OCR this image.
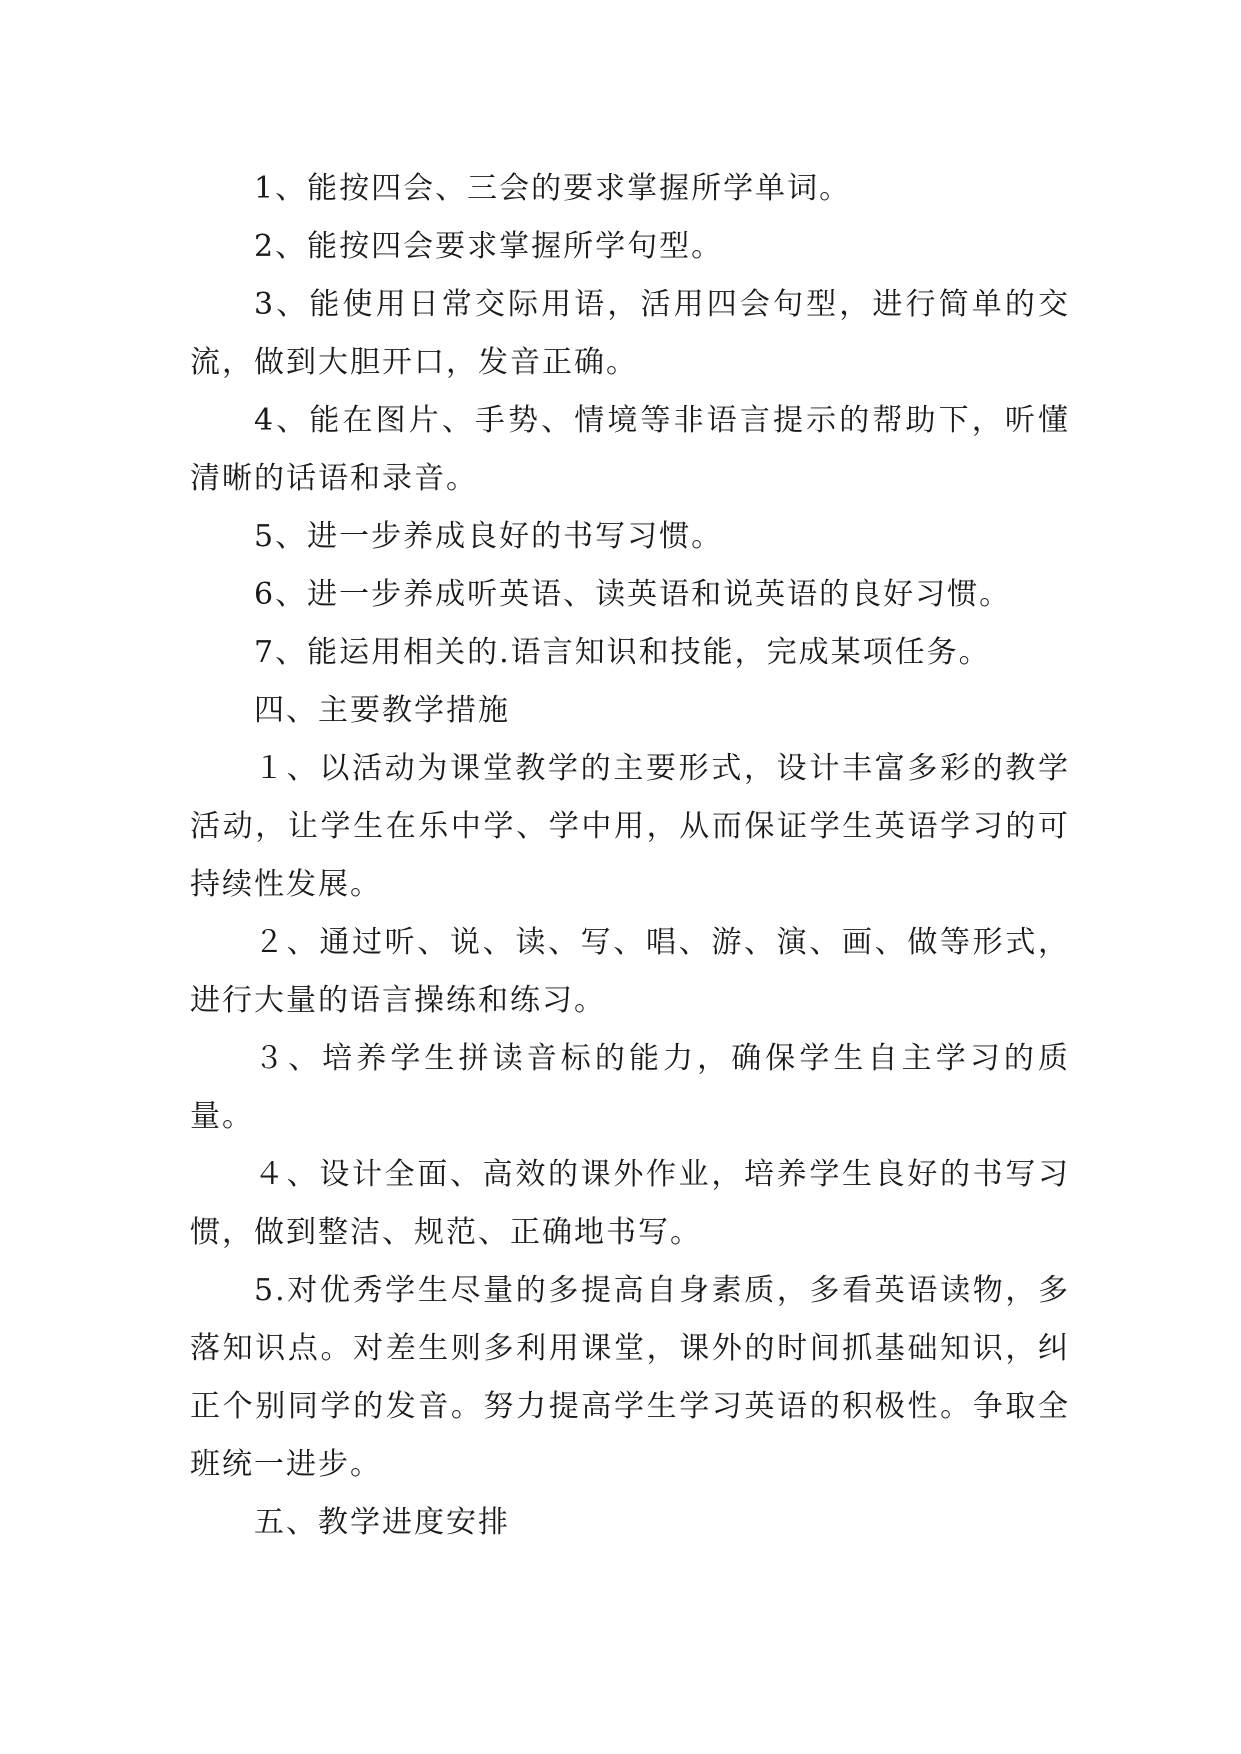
1、能按四会、三会的要求掌握所学单词。

2、能按四会要求掌握所学句型。

3、能使用日常交际用语，活用四会句型，进行简单的交流，做到大胆开口，发音正确。

4、能在图片、手势、情境等非语言提示的帮助下，听懂清晰的话语和录音。

5、进一步养成良好的书写习惯。

6、进一步养成听英语、读英语和说英语的良好习惯。

7、能运用相关的.语言知识和技能，完成某项任务。

四、主要教学措施

１、以活动为课堂教学的主要形式，设计丰富多彩的教学活动，让学生在乐中学、学中用，从而保证学生英语学习的可持续性发展。

２、通过听、说、读、写、唱、游、演、画、做等形式，进行大量的语言操练和练习。

３、培养学生拼读音标的能力，确保学生自主学习的质量。

４、设计全面、高效的课外作业，培养学生良好的书写习惯，做到整洁、规范、正确地书写。

5.对优秀学生尽量的多提高自身素质，多看英语读物，多落知识点。对差生则多利用课堂，课外的时间抓基础知识，纠正个别同学的发音。努力提高学生学习英语的积极性。争取全班统一进步。

五、教学进度安排
